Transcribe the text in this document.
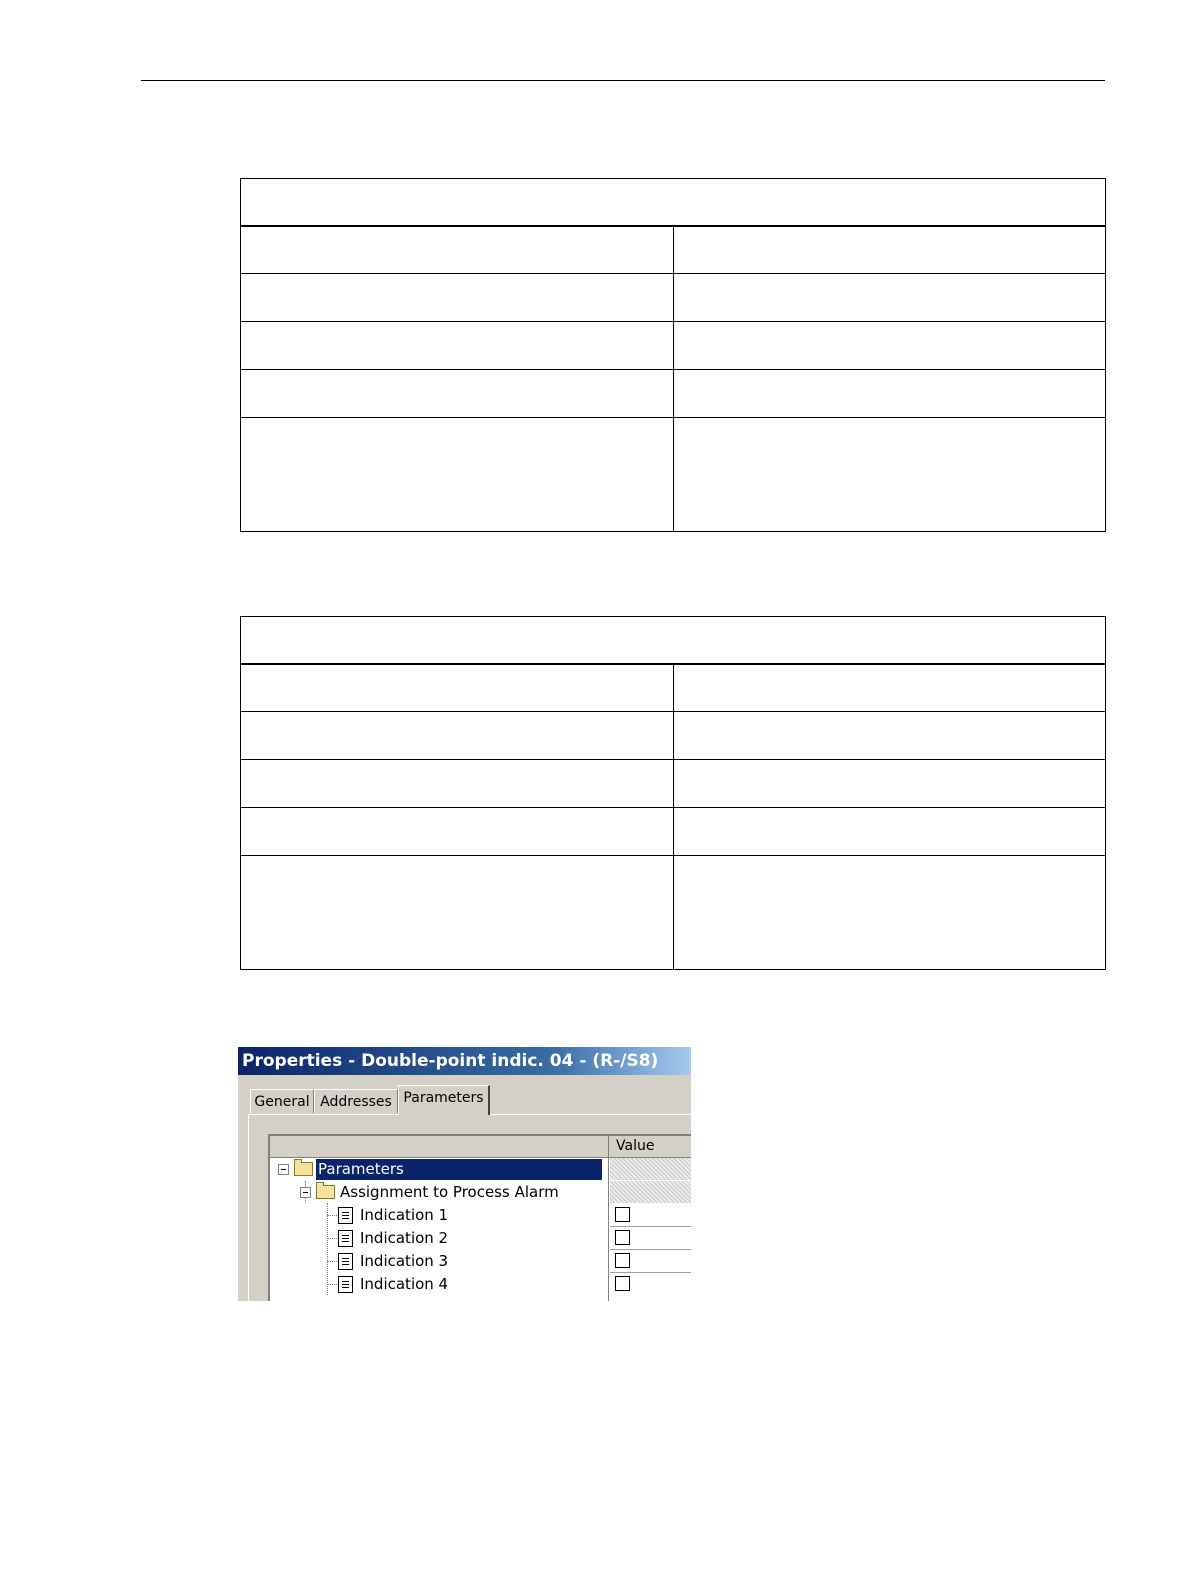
Properties - Double-point indic. 04 - (R-/S8)
General Addresses Parameters
Value
Parameters
Assignment to Process Alarm
Indication 1
Indication 2
Indication 3
Indication 4
